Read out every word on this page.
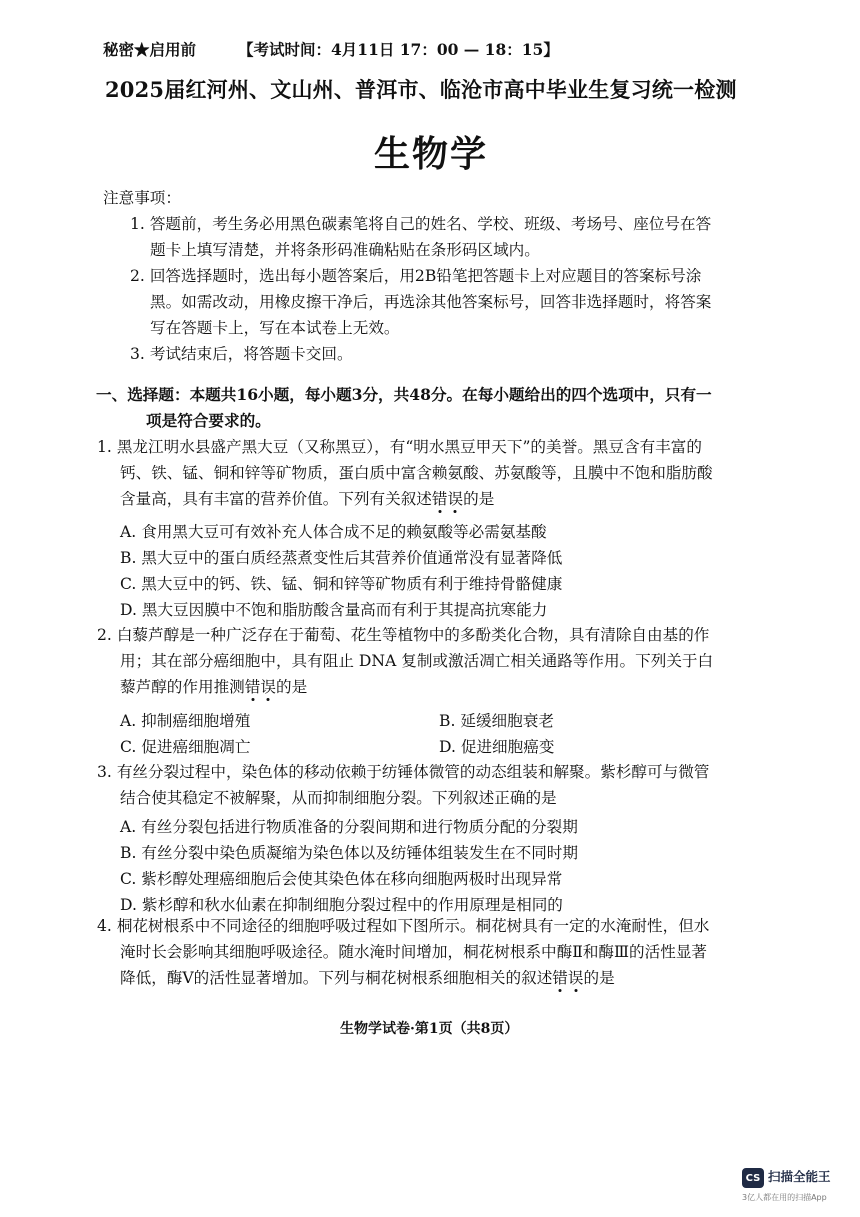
秘密★启用前	【考试时间：4月11日 17：00 — 18：15】
2025届红河州、文山州、普洱市、临沧市高中毕业生复习统一检测
生物学
注意事项：
1. 答题前，考生务必用黑色碳素笔将自己的姓名、学校、班级、考场号、座位号在答
题卡上填写清楚，并将条形码准确粘贴在条形码区域内。
2. 回答选择题时，选出每小题答案后，用2B铅笔把答题卡上对应题目的答案标号涂
黑。如需改动，用橡皮擦干净后，再选涂其他答案标号，回答非选择题时，将答案
写在答题卡上，写在本试卷上无效。
3. 考试结束后，将答题卡交回。
一、选择题：本题共16小题，每小题3分，共48分。在每小题给出的四个选项中，只有一
项是符合要求的。
1. 黑龙江明水县盛产黑大豆（又称黑豆），有“明水黑豆甲天下”的美誉。黑豆含有丰富的
钙、铁、锰、铜和锌等矿物质，蛋白质中富含赖氨酸、苏氨酸等，且膜中不饱和脂肪酸
含量高，具有丰富的营养价值。下列有关叙述错误的是
A. 食用黑大豆可有效补充人体合成不足的赖氨酸等必需氨基酸
B. 黑大豆中的蛋白质经蒸煮变性后其营养价值通常没有显著降低
C. 黑大豆中的钙、铁、锰、铜和锌等矿物质有利于维持骨骼健康
D. 黑大豆因膜中不饱和脂肪酸含量高而有利于其提高抗寒能力
2. 白藜芦醇是一种广泛存在于葡萄、花生等植物中的多酚类化合物，具有清除自由基的作
用；其在部分癌细胞中，具有阻止 DNA 复制或激活凋亡相关通路等作用。下列关于白
藜芦醇的作用推测错误的是
A. 抑制癌细胞增殖	B. 延缓细胞衰老
C. 促进癌细胞凋亡	D. 促进细胞癌变
3. 有丝分裂过程中，染色体的移动依赖于纺锤体微管的动态组装和解聚。紫杉醇可与微管
结合使其稳定不被解聚，从而抑制细胞分裂。下列叙述正确的是
A. 有丝分裂包括进行物质准备的分裂间期和进行物质分配的分裂期
B. 有丝分裂中染色质凝缩为染色体以及纺锤体组装发生在不同时期
C. 紫杉醇处理癌细胞后会使其染色体在移向细胞两极时出现异常
D. 紫杉醇和秋水仙素在抑制细胞分裂过程中的作用原理是相同的
4. 桐花树根系中不同途径的细胞呼吸过程如下图所示。桐花树具有一定的水淹耐性，但水
淹时长会影响其细胞呼吸途径。随水淹时间增加，桐花树根系中酶Ⅱ和酶Ⅲ的活性显著
降低，酶Ⅴ的活性显著增加。下列与桐花树根系细胞相关的叙述错误的是
生物学试卷·第1页（共8页）
CS 扫描全能王
3亿人都在用的扫描App
